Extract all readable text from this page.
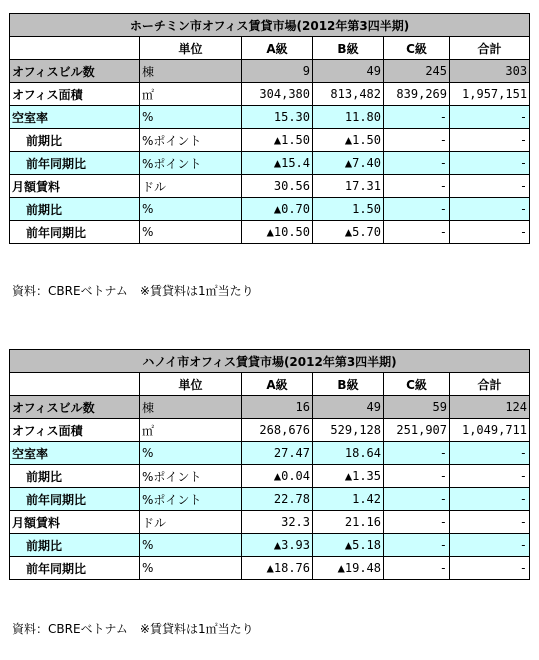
ホーチミン市オフィス賃貸市場(2012年第3四半期)					
	単位	A級	B級	C級	合計
オフィスビル数	棟	9	49	245	303
オフィス面積	㎡	304,380	813,482	839,269	1,957,151
空室率	%	15.30	11.80	-	-
前期比	%ポイント	▲1.50	▲1.50	-	-
前年同期比	%ポイント	▲15.4	▲7.40	-	-
月額賃料	ドル	30.56	17.31	-	-
前期比	%	▲0.70	1.50	-	-
前年同期比	%	▲10.50	▲5.70	-	-
資料：CBREベトナム　※賃貸料は1㎡当たり
ハノイ市オフィス賃貸市場(2012年第3四半期)					
	単位	A級	B級	C級	合計
オフィスビル数	棟	16	49	59	124
オフィス面積	㎡	268,676	529,128	251,907	1,049,711
空室率	%	27.47	18.64	-	-
前期比	%ポイント	▲0.04	▲1.35	-	-
前年同期比	%ポイント	22.78	1.42	-	-
月額賃料	ドル	32.3	21.16	-	-
前期比	%	▲3.93	▲5.18	-	-
前年同期比	%	▲18.76	▲19.48	-	-
資料：CBREベトナム　※賃貸料は1㎡当たり
